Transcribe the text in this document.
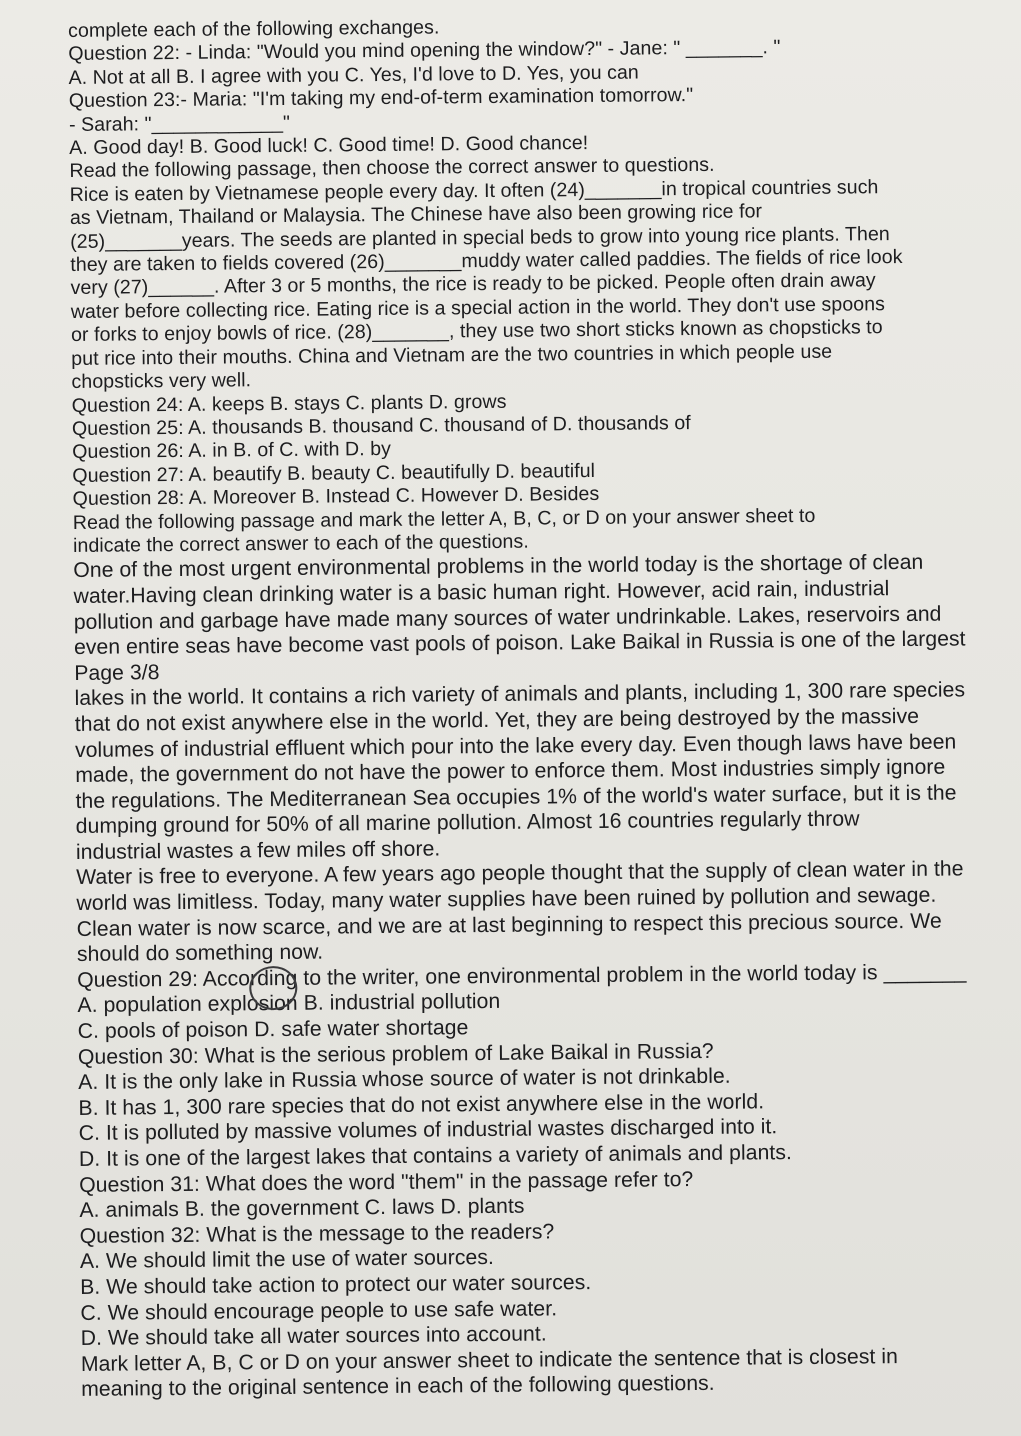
complete each of the following exchanges.
Question 22: - Linda: "Would you mind opening the window?" - Jane: " _______. "
A. Not at all B. I agree with you C. Yes, I'd love to D. Yes, you can
Question 23:- Maria: "I'm taking my end-of-term examination tomorrow."
- Sarah: "____________"
A. Good day! B. Good luck! C. Good time! D. Good chance!
Read the following passage, then choose the correct answer to questions.
Rice is eaten by Vietnamese people every day. It often (24)_______in tropical countries such
as Vietnam, Thailand or Malaysia. The Chinese have also been growing rice for
(25)_______years. The seeds are planted in special beds to grow into young rice plants. Then
they are taken to fields covered (26)_______muddy water called paddies. The fields of rice look
very (27)______. After 3 or 5 months, the rice is ready to be picked. People often drain away
water before collecting rice. Eating rice is a special action in the world. They don't use spoons
or forks to enjoy bowls of rice. (28)_______, they use two short sticks known as chopsticks to
put rice into their mouths. China and Vietnam are the two countries in which people use
chopsticks very well.
Question 24: A. keeps B. stays C. plants D. grows
Question 25: A. thousands B. thousand C. thousand of D. thousands of
Question 26: A. in B. of C. with D. by
Question 27: A. beautify B. beauty C. beautifully D. beautiful
Question 28: A. Moreover B. Instead C. However D. Besides
Read the following passage and mark the letter A, B, C, or D on your answer sheet to
indicate the correct answer to each of the questions.
One of the most urgent environmental problems in the world today is the shortage of clean
water.Having clean drinking water is a basic human right. However, acid rain, industrial
pollution and garbage have made many sources of water undrinkable. Lakes, reservoirs and
even entire seas have become vast pools of poison. Lake Baikal in Russia is one of the largest
Page 3/8
lakes in the world. It contains a rich variety of animals and plants, including 1, 300 rare species
that do not exist anywhere else in the world. Yet, they are being destroyed by the massive
volumes of industrial effluent which pour into the lake every day. Even though laws have been
made, the government do not have the power to enforce them. Most industries simply ignore
the regulations. The Mediterranean Sea occupies 1% of the world's water surface, but it is the
dumping ground for 50% of all marine pollution. Almost 16 countries regularly throw
industrial wastes a few miles off shore.
Water is free to everyone. A few years ago people thought that the supply of clean water in the
world was limitless. Today, many water supplies have been ruined by pollution and sewage.
Clean water is now scarce, and we are at last beginning to respect this precious source. We
should do something now.
Question 29: According to the writer, one environmental problem in the world today is _______
A. population explosion B. industrial pollution
C. pools of poison D. safe water shortage
Question 30: What is the serious problem of Lake Baikal in Russia?
A. It is the only lake in Russia whose source of water is not drinkable.
B. It has 1, 300 rare species that do not exist anywhere else in the world.
C. It is polluted by massive volumes of industrial wastes discharged into it.
D. It is one of the largest lakes that contains a variety of animals and plants.
Question 31: What does the word "them" in the passage refer to?
A. animals B. the government C. laws D. plants
Question 32: What is the message to the readers?
A. We should limit the use of water sources.
B. We should take action to protect our water sources.
C. We should encourage people to use safe water.
D. We should take all water sources into account.
Mark letter A, B, C or D on your answer sheet to indicate the sentence that is closest in
meaning to the original sentence in each of the following questions.
